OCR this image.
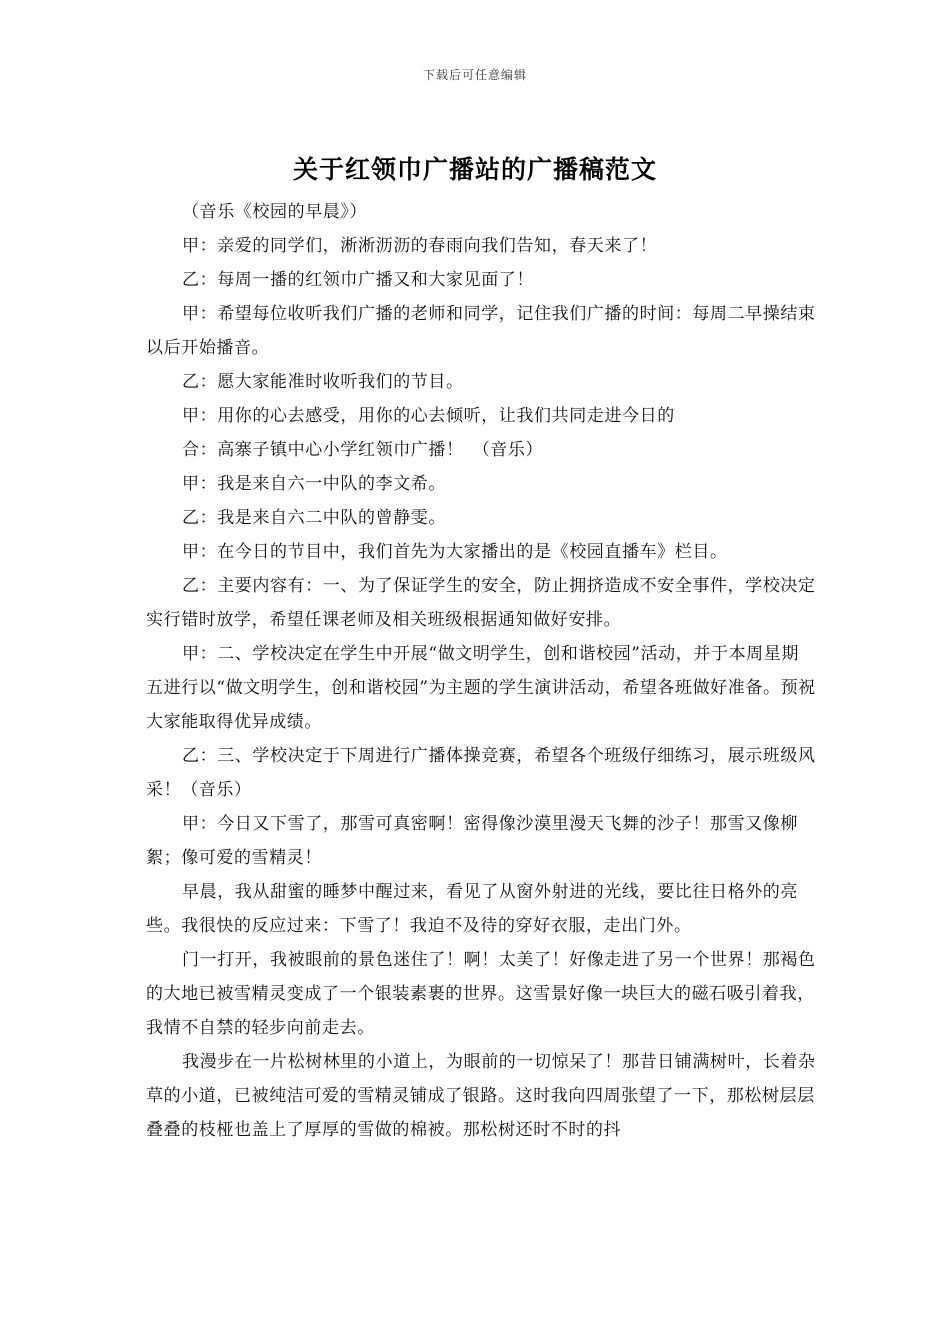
下载后可任意编辑
关于红领巾广播站的广播稿范文

（音乐《校园的早晨》）

甲：亲爱的同学们，淅淅沥沥的春雨向我们告知，春天来了！

乙：每周一播的红领巾广播又和大家见面了！

甲：希望每位收听我们广播的老师和同学，记住我们广播的时间：每周二早操结束以后开始播音。

乙：愿大家能准时收听我们的节目。

甲：用你的心去感受，用你的心去倾听，让我们共同走进今日的

合：高寨子镇中心小学红领巾广播！　（音乐）

甲：我是来自六一中队的李文希。

乙：我是来自六二中队的曾静雯。

甲：在今日的节目中，我们首先为大家播出的是《校园直播车》栏目。

乙：主要内容有：一、为了保证学生的安全，防止拥挤造成不安全事件，学校决定实行错时放学，希望任课老师及相关班级根据通知做好安排。

甲：二、学校决定在学生中开展“做文明学生，创和谐校园”活动，并于本周星期五进行以“做文明学生，创和谐校园”为主题的学生演讲活动，希望各班做好准备。预祝大家能取得优异成绩。

乙：三、学校决定于下周进行广播体操竞赛，希望各个班级仔细练习，展示班级风采！（音乐）

甲：今日又下雪了，那雪可真密啊！密得像沙漠里漫天飞舞的沙子！那雪又像柳絮；像可爱的雪精灵！

早晨，我从甜蜜的睡梦中醒过来，看见了从窗外射进的光线，要比往日格外的亮些。我很快的反应过来：下雪了！我迫不及待的穿好衣服，走出门外。

门一打开，我被眼前的景色迷住了！啊！太美了！好像走进了另一个世界！那褐色的大地已被雪精灵变成了一个银装素裹的世界。这雪景好像一块巨大的磁石吸引着我，我情不自禁的轻步向前走去。

我漫步在一片松树林里的小道上，为眼前的一切惊呆了！那昔日铺满树叶，长着杂草的小道，已被纯洁可爱的雪精灵铺成了银路。这时我向四周张望了一下，那松树层层叠叠的枝桠也盖上了厚厚的雪做的棉被。那松树还时不时的抖
